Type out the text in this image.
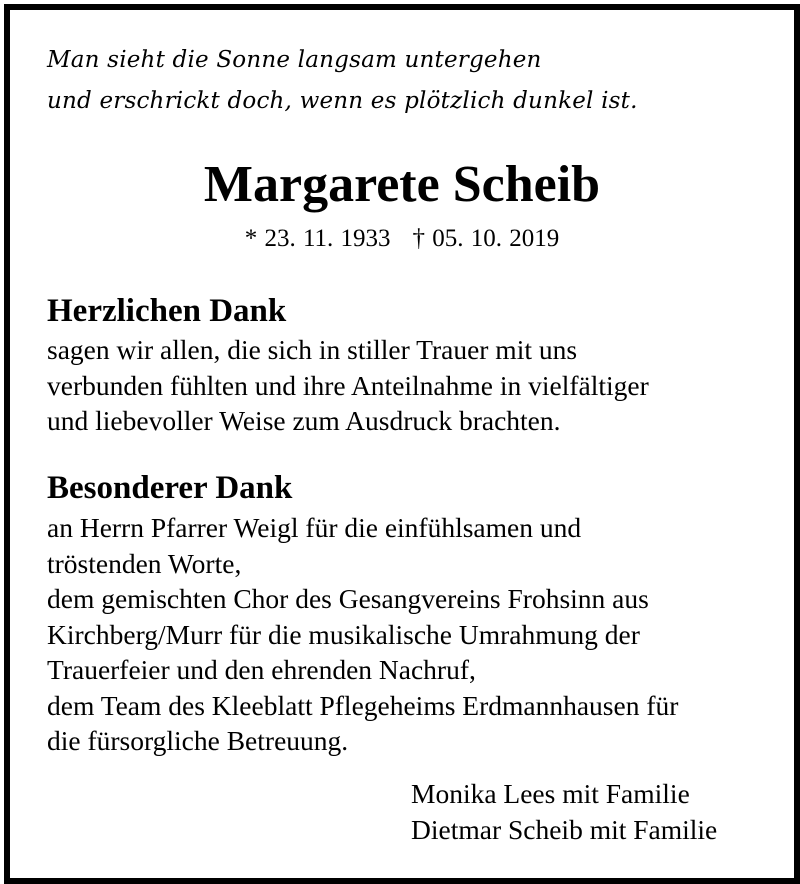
Man sieht die Sonne langsam untergehen
und erschrickt doch, wenn es plötzlich dunkel ist.
Margarete Scheib
* 23. 11. 1933 † 05. 10. 2019
Herzlichen Dank
sagen wir allen, die sich in stiller Trauer mit uns
verbunden fühlten und ihre Anteilnahme in vielfältiger
und liebevoller Weise zum Ausdruck brachten.
Besonderer Dank
an Herrn Pfarrer Weigl für die einfühlsamen und
tröstenden Worte,
dem gemischten Chor des Gesangvereins Frohsinn aus
Kirchberg/Murr für die musikalische Umrahmung der
Trauerfeier und den ehrenden Nachruf,
dem Team des Kleeblatt Pflegeheims Erdmannhausen für
die fürsorgliche Betreuung.
Monika Lees mit Familie
Dietmar Scheib mit Familie
